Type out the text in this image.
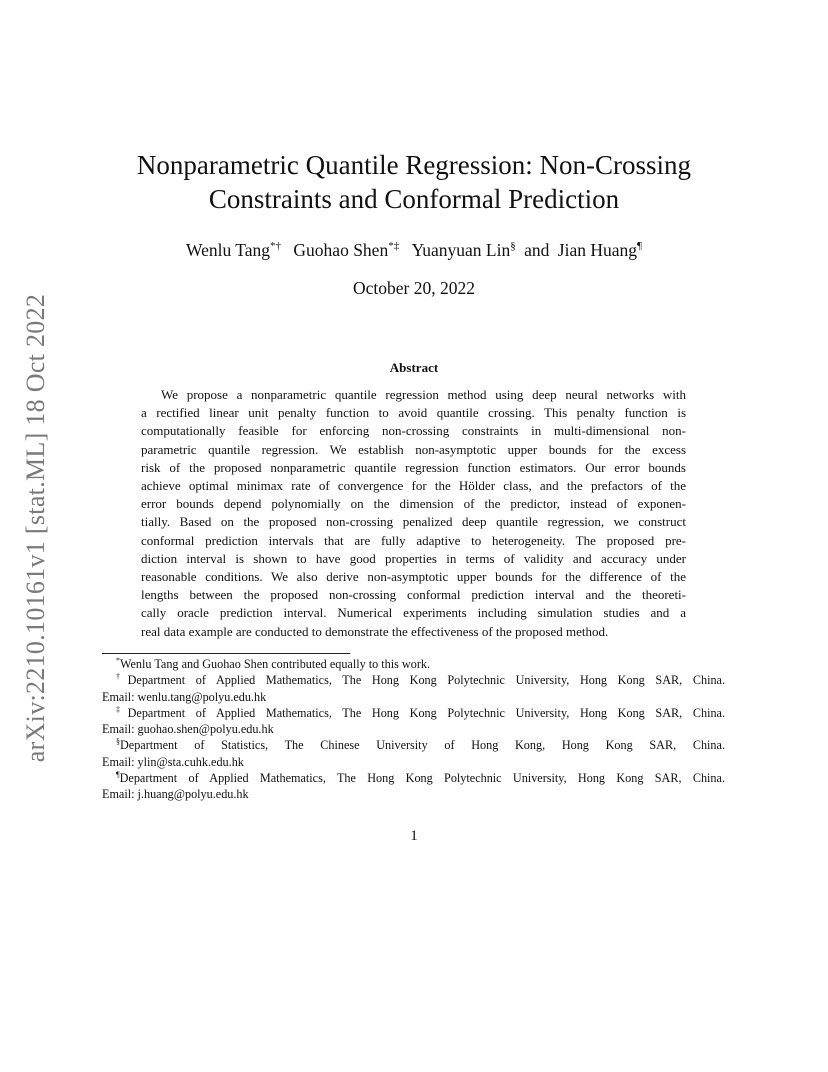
arXiv:2210.10161v1 [stat.ML] 18 Oct 2022
Nonparametric Quantile Regression: Non-Crossing
Constraints and Conformal Prediction
Wenlu Tang*† Guohao Shen*‡ Yuanyuan Lin§ and Jian Huang¶
October 20, 2022
Abstract
We propose a nonparametric quantile regression method using deep neural networks with
a rectified linear unit penalty function to avoid quantile crossing. This penalty function is
computationally feasible for enforcing non-crossing constraints in multi-dimensional non-
parametric quantile regression. We establish non-asymptotic upper bounds for the excess
risk of the proposed nonparametric quantile regression function estimators. Our error bounds
achieve optimal minimax rate of convergence for the Hölder class, and the prefactors of the
error bounds depend polynomially on the dimension of the predictor, instead of exponen-
tially. Based on the proposed non-crossing penalized deep quantile regression, we construct
conformal prediction intervals that are fully adaptive to heterogeneity. The proposed pre-
diction interval is shown to have good properties in terms of validity and accuracy under
reasonable conditions. We also derive non-asymptotic upper bounds for the difference of the
lengths between the proposed non-crossing conformal prediction interval and the theoreti-
cally oracle prediction interval. Numerical experiments including simulation studies and a
real data example are conducted to demonstrate the effectiveness of the proposed method.
*Wenlu Tang and Guohao Shen contributed equally to this work.
†Department of Applied Mathematics, The Hong Kong Polytechnic University, Hong Kong SAR, China.
Email: wenlu.tang@polyu.edu.hk
‡Department of Applied Mathematics, The Hong Kong Polytechnic University, Hong Kong SAR, China.
Email: guohao.shen@polyu.edu.hk
§Department of Statistics, The Chinese University of Hong Kong, Hong Kong SAR, China.
Email: ylin@sta.cuhk.edu.hk
¶Department of Applied Mathematics, The Hong Kong Polytechnic University, Hong Kong SAR, China.
Email: j.huang@polyu.edu.hk
1
